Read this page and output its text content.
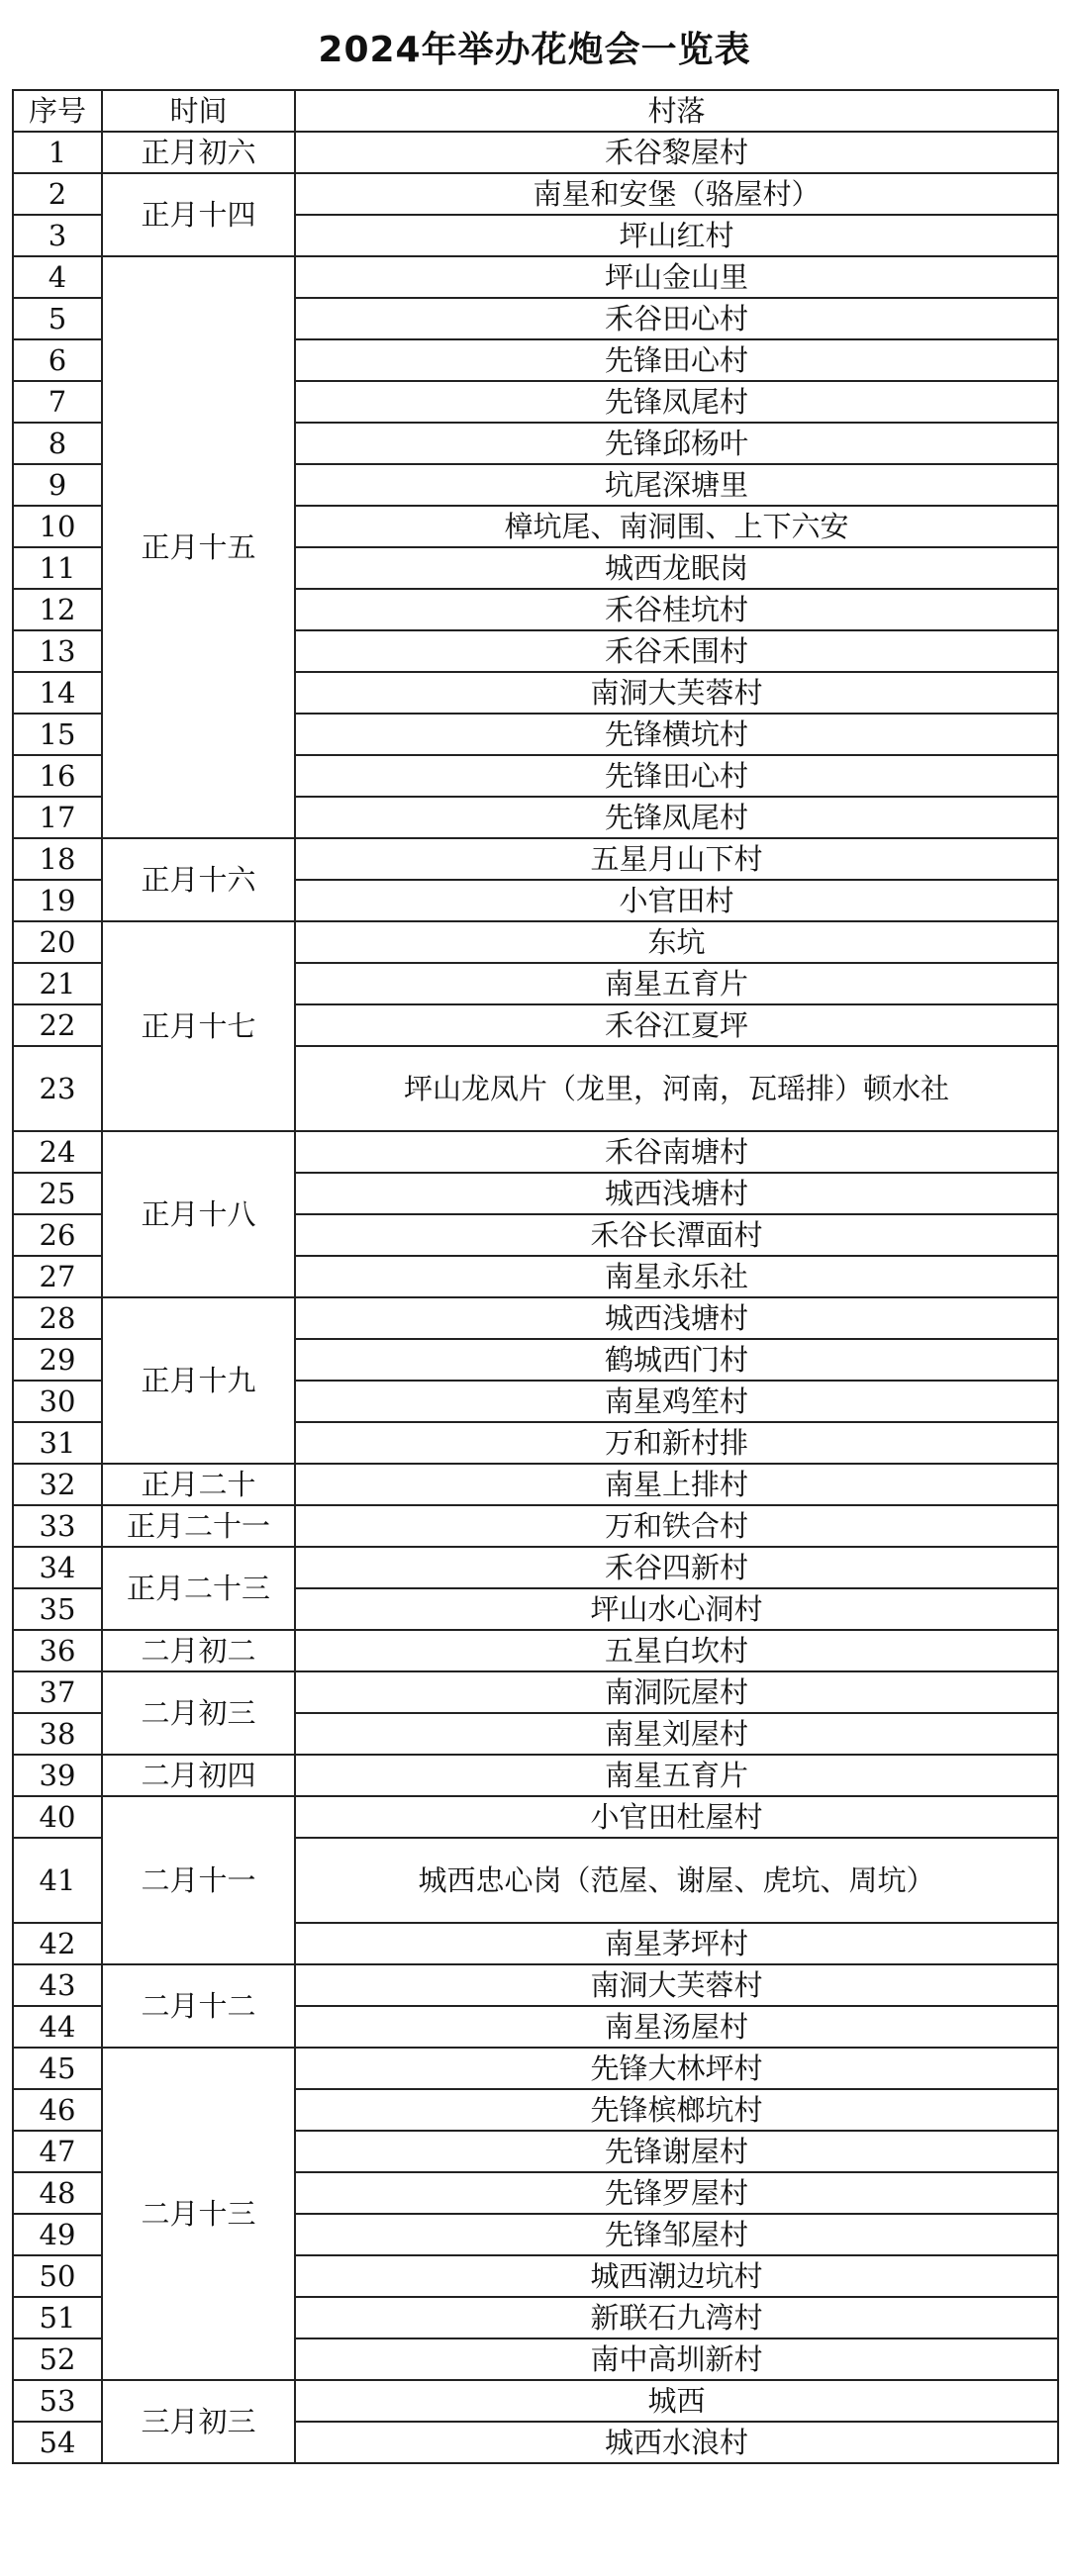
2024年举办花炮会一览表
序号	时间	村落
1	正月初六	禾谷黎屋村
2	正月十四	南星和安堡（骆屋村）
3		坪山红村
4	正月十五	坪山金山里
5		禾谷田心村
6		先锋田心村
7		先锋凤尾村
8		先锋邱杨叶
9		坑尾深塘里
10		樟坑尾、南洞围、上下六安
11		城西龙眠岗
12		禾谷桂坑村
13		禾谷禾围村
14		南洞大芙蓉村
15		先锋横坑村
16		先锋田心村
17		先锋凤尾村
18	正月十六	五星月山下村
19		小官田村
20	正月十七	东坑
21		南星五育片
22		禾谷江夏坪
23		坪山龙凤片（龙里，河南，瓦瑶排）顿水社
24	正月十八	禾谷南塘村
25		城西浅塘村
26		禾谷长潭面村
27		南星永乐社
28	正月十九	城西浅塘村
29		鹤城西门村
30		南星鸡笙村
31		万和新村排
32	正月二十	南星上排村
33	正月二十一	万和铁合村
34	正月二十三	禾谷四新村
35		坪山水心洞村
36	二月初二	五星白坎村
37	二月初三	南洞阮屋村
38		南星刘屋村
39	二月初四	南星五育片
40	二月十一	小官田杜屋村
41		城西忠心岗（范屋、谢屋、虎坑、周坑）
42		南星茅坪村
43	二月十二	南洞大芙蓉村
44		南星汤屋村
45	二月十三	先锋大林坪村
46		先锋槟榔坑村
47		先锋谢屋村
48		先锋罗屋村
49		先锋邹屋村
50		城西潮边坑村
51		新联石九湾村
52		南中高圳新村
53	三月初三	城西
54		城西水浪村
